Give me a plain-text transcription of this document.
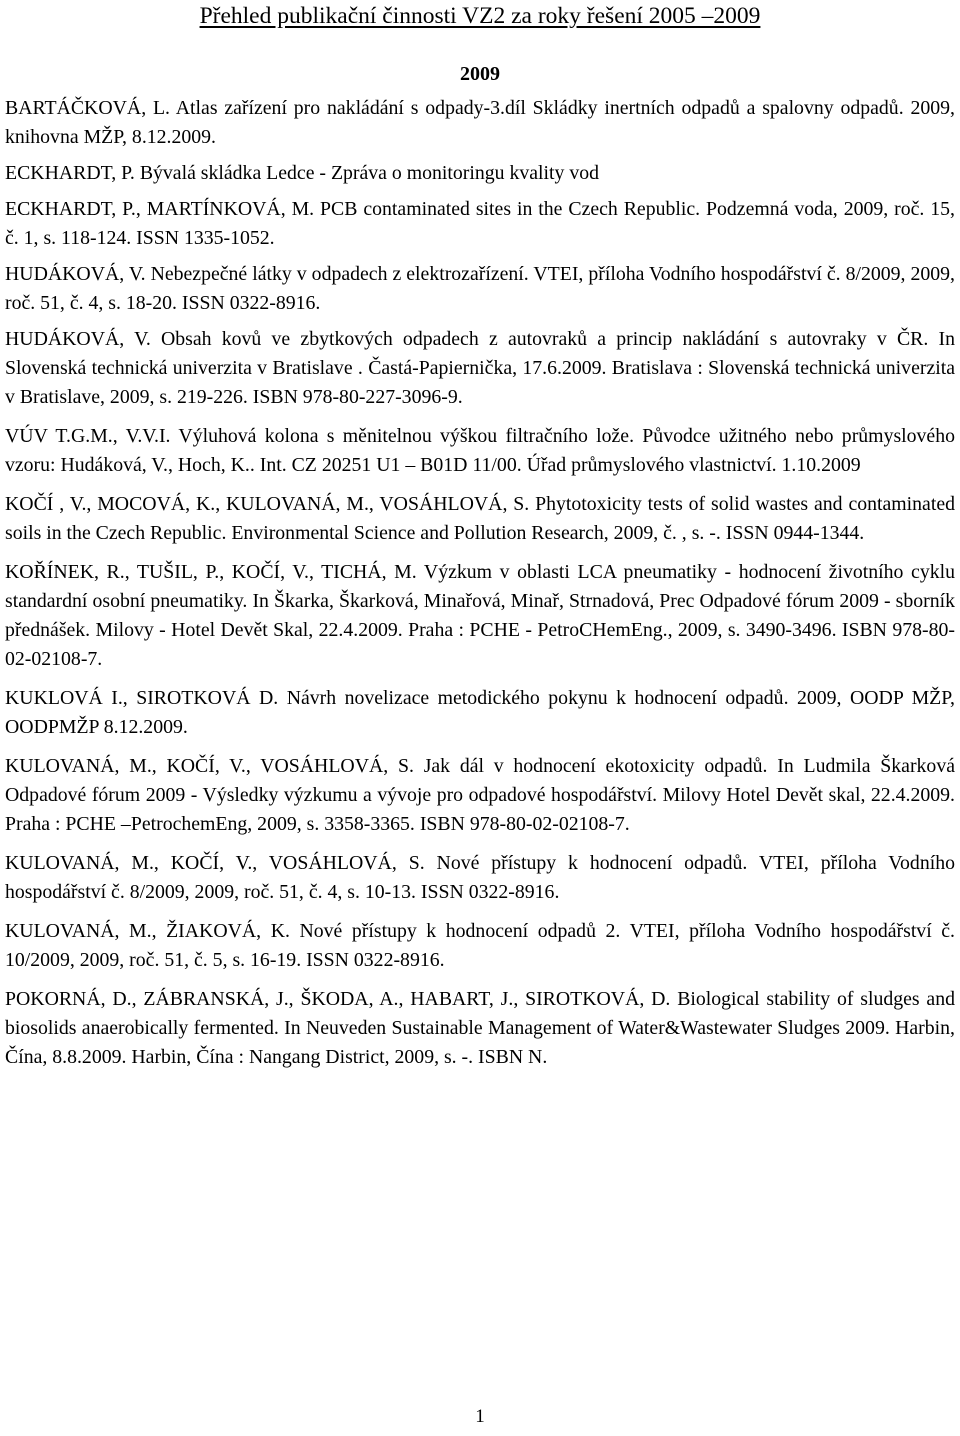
Přehled publikační činnosti VZ2 za roky řešení 2005 –2009
2009

BARTÁČKOVÁ, L. Atlas zařízení pro nakládání s odpady-3.díl Skládky inertních odpadů a spalovny odpadů. 2009, knihovna MŽP, 8.12.2009.

ECKHARDT, P. Bývalá skládka Ledce - Zpráva o monitoringu kvality vod

ECKHARDT, P., MARTÍNKOVÁ, M. PCB contaminated sites in the Czech Republic. Podzemná voda, 2009, roč. 15, č. 1, s. 118-124. ISSN 1335-1052.

HUDÁKOVÁ, V. Nebezpečné látky v odpadech z elektrozařízení. VTEI, příloha Vodního hospodářství č. 8/2009, 2009, roč. 51, č. 4, s. 18-20. ISSN 0322-8916.

HUDÁKOVÁ, V. Obsah kovů ve zbytkových odpadech z autovraků a princip nakládání s autovraky v ČR. In Slovenská technická univerzita v Bratislave . Častá-Papiernička, 17.6.2009. Bratislava : Slovenská technická univerzita v Bratislave, 2009, s. 219-226. ISBN 978-80-227-3096-9.

VÚV T.G.M., V.V.I. Výluhová kolona s měnitelnou výškou filtračního lože. Původce užitného nebo průmyslového vzoru: Hudáková, V., Hoch, K.. Int. CZ 20251 U1 – B01D 11/00. Úřad průmyslového vlastnictví. 1.10.2009

KOČÍ , V., MOCOVÁ, K., KULOVANÁ, M., VOSÁHLOVÁ, S. Phytotoxicity tests of solid wastes and contaminated soils in the Czech Republic. Environmental Science and Pollution Research, 2009, č. , s. -. ISSN 0944-1344.

KOŘÍNEK, R., TUŠIL, P., KOČÍ, V., TICHÁ, M. Výzkum v oblasti LCA pneumatiky - hodnocení životního cyklu standardní osobní pneumatiky. In Škarka, Škarková, Minařová, Minař, Strnadová, Prec Odpadové fórum 2009 - sborník přednášek. Milovy - Hotel Devět Skal, 22.4.2009. Praha : PCHE - PetroCHemEng., 2009, s. 3490-3496. ISBN 978-80-02-02108-7.

KUKLOVÁ I., SIROTKOVÁ D. Návrh novelizace metodického pokynu k hodnocení odpadů. 2009, OODP MŽP, OODPMŽP 8.12.2009.

KULOVANÁ, M., KOČÍ, V., VOSÁHLOVÁ, S. Jak dál v hodnocení ekotoxicity odpadů. In Ludmila Škarková Odpadové fórum 2009 - Výsledky výzkumu a vývoje pro odpadové hospodářství. Milovy Hotel Devět skal, 22.4.2009. Praha : PCHE –PetrochemEng, 2009, s. 3358-3365. ISBN 978-80-02-02108-7.

KULOVANÁ, M., KOČÍ, V., VOSÁHLOVÁ, S. Nové přístupy k hodnocení odpadů. VTEI, příloha Vodního hospodářství č. 8/2009, 2009, roč. 51, č. 4, s. 10-13. ISSN 0322-8916.

KULOVANÁ, M., ŽIAKOVÁ, K. Nové přístupy k hodnocení odpadů 2. VTEI, příloha Vodního hospodářství č. 10/2009, 2009, roč. 51, č. 5, s. 16-19. ISSN 0322-8916.

POKORNÁ, D., ZÁBRANSKÁ, J., ŠKODA, A., HABART, J., SIROTKOVÁ, D. Biological stability of sludges and biosolids anaerobically fermented. In Neuveden Sustainable Management of Water&Wastewater Sludges 2009. Harbin, Čína, 8.8.2009. Harbin, Čína : Nangang District, 2009, s. -. ISBN N.

1
